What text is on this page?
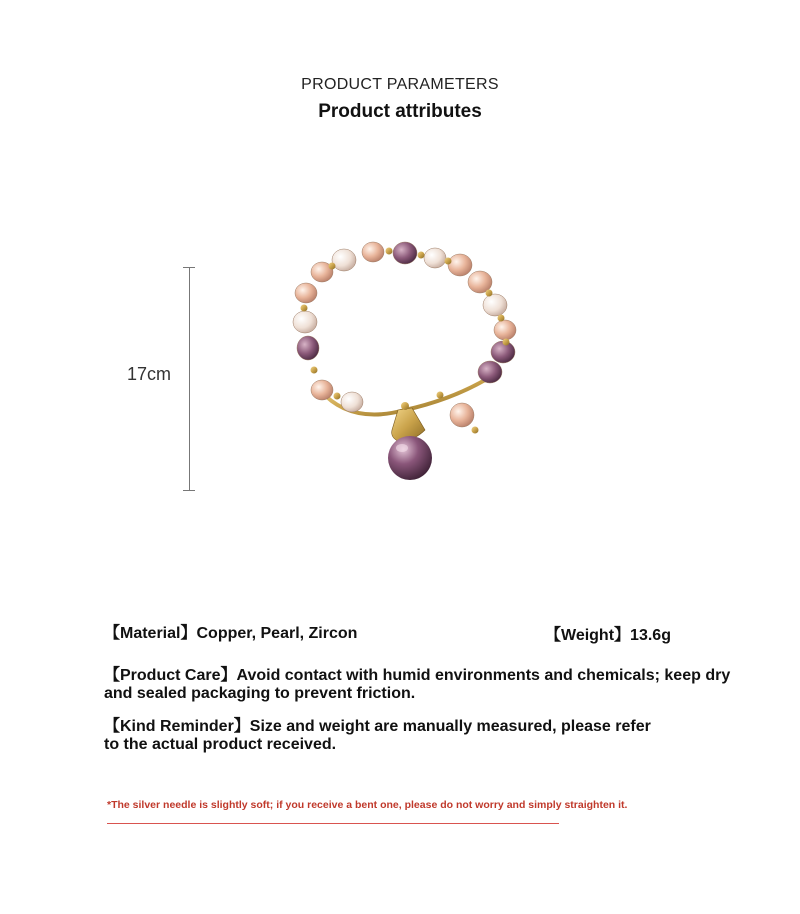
PRODUCT PARAMETERS
Product attributes
17cm
【Material】Copper, Pearl, Zircon	【Weight】13.6g
【Product Care】Avoid contact with humid environments and chemicals; keep dry and sealed packaging to prevent friction.
【Kind Reminder】Size and weight are manually measured, please refer to the actual product received.
*The silver needle is slightly soft; if you receive a bent one, please do not worry and simply straighten it.
